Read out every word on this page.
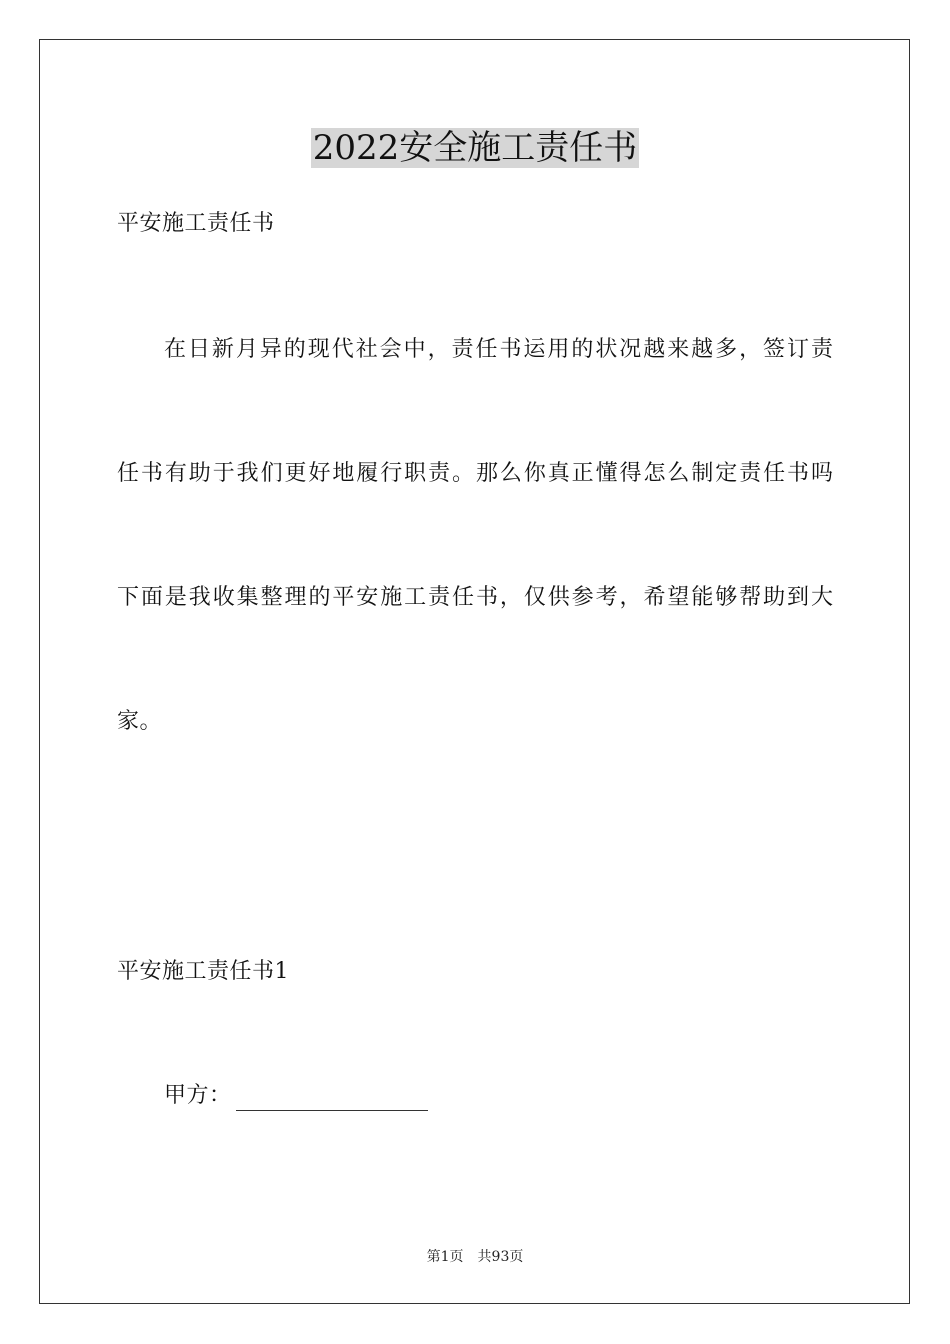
2022安全施工责任书
平安施工责任书
在日新月异的现代社会中，责任书运用的状况越来越多，签订责
任书有助于我们更好地履行职责。那么你真正懂得怎么制定责任书吗
下面是我收集整理的平安施工责任书，仅供参考，希望能够帮助到大
家。
平安施工责任书1
甲方：
第1页　共93页
